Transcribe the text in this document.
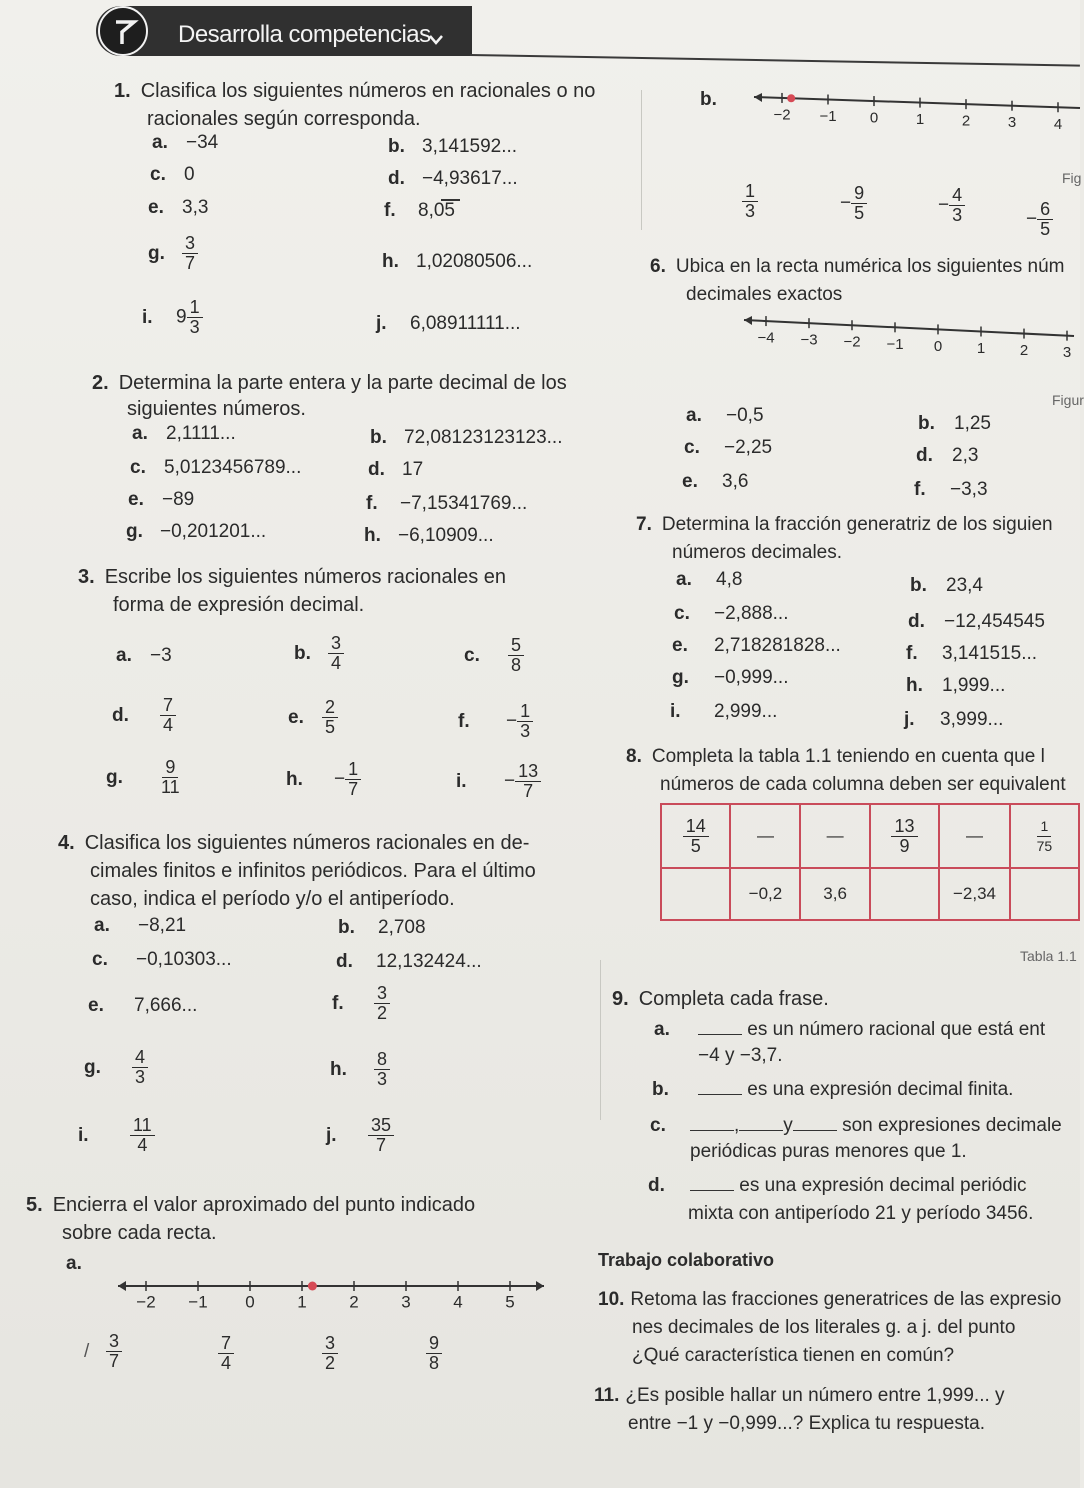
Desarrolla competencias
1. Clasifica los siguientes números en racionales o no
racionales según corresponda.
a. −34	b. 3,141592...
c. 0	d. −4,93617...
e. 3,3	f. 8,05
g. $\frac{3}{7}$	h. 1,02080506...
i. $9 \frac{1}{3}$	j. 6,08911111...
2. Determina la parte entera y la parte decimal de los
siguientes números.
a. 2,1111...	b. 72,08123123123...
c. 5,0123456789...	d. 17
e. −89	f. −7,15341769...
g. −0,201201...	h. −6,10909...
3. Escribe los siguientes números racionales en
forma de expresión decimal.
a. −3	b. $\frac{3}{4}$	c. $\frac{5}{8}$
d. $\frac{7}{4}$	e. $\frac{2}{5}$	f. − $\frac{1}{3}$
g. $\frac{9}{11}$	h. − $\frac{1}{7}$	i. − $\frac{13}{7}$
4. Clasifica los siguientes números racionales en de-
cimales finitos e infinitos periódicos. Para el último
caso, indica el período y/o el antiperíodo.
a. −8,21	b. 2,708
c. −0,10303...	d. 12,132424...
e. 7,666...	f. $\frac{3}{2}$
g. $\frac{4}{3}$	h. $\frac{8}{3}$
i. $\frac{11}{4}$	j. $\frac{35}{7}$
5. Encierra el valor aproximado del punto indicado
sobre cada recta.
a.
−2 −1 0	1	2	3	4	5
/ $\frac{3}{7}$	$\frac{7}{4}$	$\frac{3}{2}$	$\frac{9}{8}$
b.
−2 −1 0	1	2	3	4
Fig
$\frac{1}{3}$	− $\frac{9}{5}$	− $\frac{4}{3}$	− $\frac{6}{5}$
6. Ubica en la recta numérica los siguientes núm
decimales exactos
−4 −3 −2 −1 0 1 2 3
Figur
a. −0,5	b. 1,25
c. −2,25	d. 2,3
e. 3,6	f. −3,3
7. Determina la fracción generatriz de los siguien
números decimales.
a. 4,8	b. 23,4
c. −2,888...	d. −12,454545
e. 2,718281828...	f. 3,141515...
g. −0,999...	h. 1,999...
i. 2,999...	j. 3,999...
8. Completa la tabla 1.1 teniendo en cuenta que l
números de cada columna deben ser equivalent
$\frac{14}{5}$	—	—	$\frac{13}{9}$	—	$\frac{1}{75}$

	−0,2	3,6		−2,34	
Tabla 1.1
9. Completa cada frase.
a.	es un número racional que está ent
−4 y −3,7.
b.	es una expresión decimal finita.
c.	, y	son expresiones decimale
periódicas puras menores que 1.
d.	es una expresión decimal periódic
mixta con antiperíodo 21 y período 3456.
Trabajo colaborativo
10. Retoma las fracciones generatrices de las expresio
nes decimales de los literales g. a j. del punto
¿Qué característica tienen en común?
11. ¿Es posible hallar un número entre 1,999... y
entre −1 y −0,999...? Explica tu respuesta.
